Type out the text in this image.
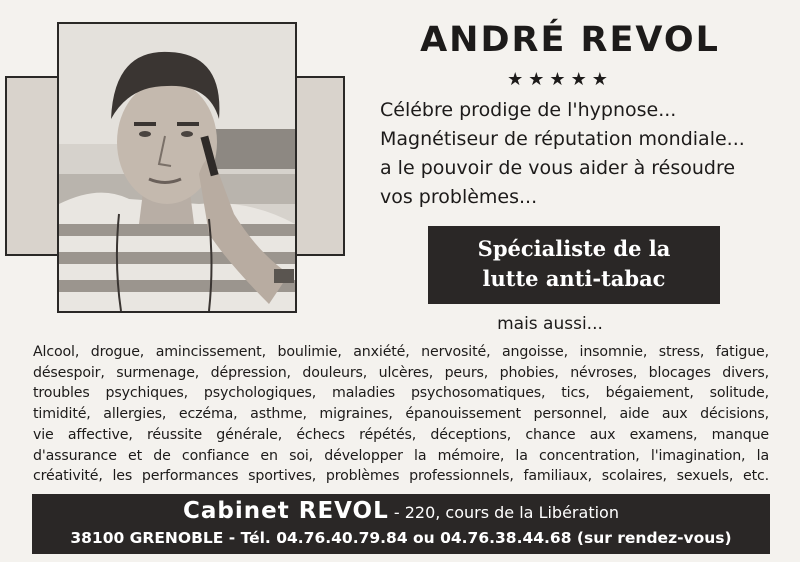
ANDRÉ REVOL
★★★★★
Célébre prodige de l'hypnose...
Magnétiseur de réputation mondiale...
a le pouvoir de vous aider à résoudre
vos problèmes...
Spécialiste de la
lutte anti-tabac
mais aussi...
Alcool, drogue, amincissement, boulimie, anxiété, nervosité, angoisse, insomnie, stress, fatigue,
désespoir, surmenage, dépression, douleurs, ulcères, peurs, phobies, névroses, blocages divers,
troubles psychiques, psychologiques, maladies psychosomatiques, tics, bégaiement, solitude,
timidité, allergies, eczéma, asthme, migraines, épanouissement personnel, aide aux décisions,
vie affective, réussite générale, échecs répétés, déceptions, chance aux examens, manque
d'assurance et de confiance en soi, développer la mémoire, la concentration, l'imagination, la
créativité, les performances sportives, problèmes professionnels, familiaux, scolaires, sexuels, etc.
Cabinet REVOL - 220, cours de la Libération
38100 GRENOBLE - Tél. 04.76.40.79.84 ou 04.76.38.44.68 (sur rendez-vous)
